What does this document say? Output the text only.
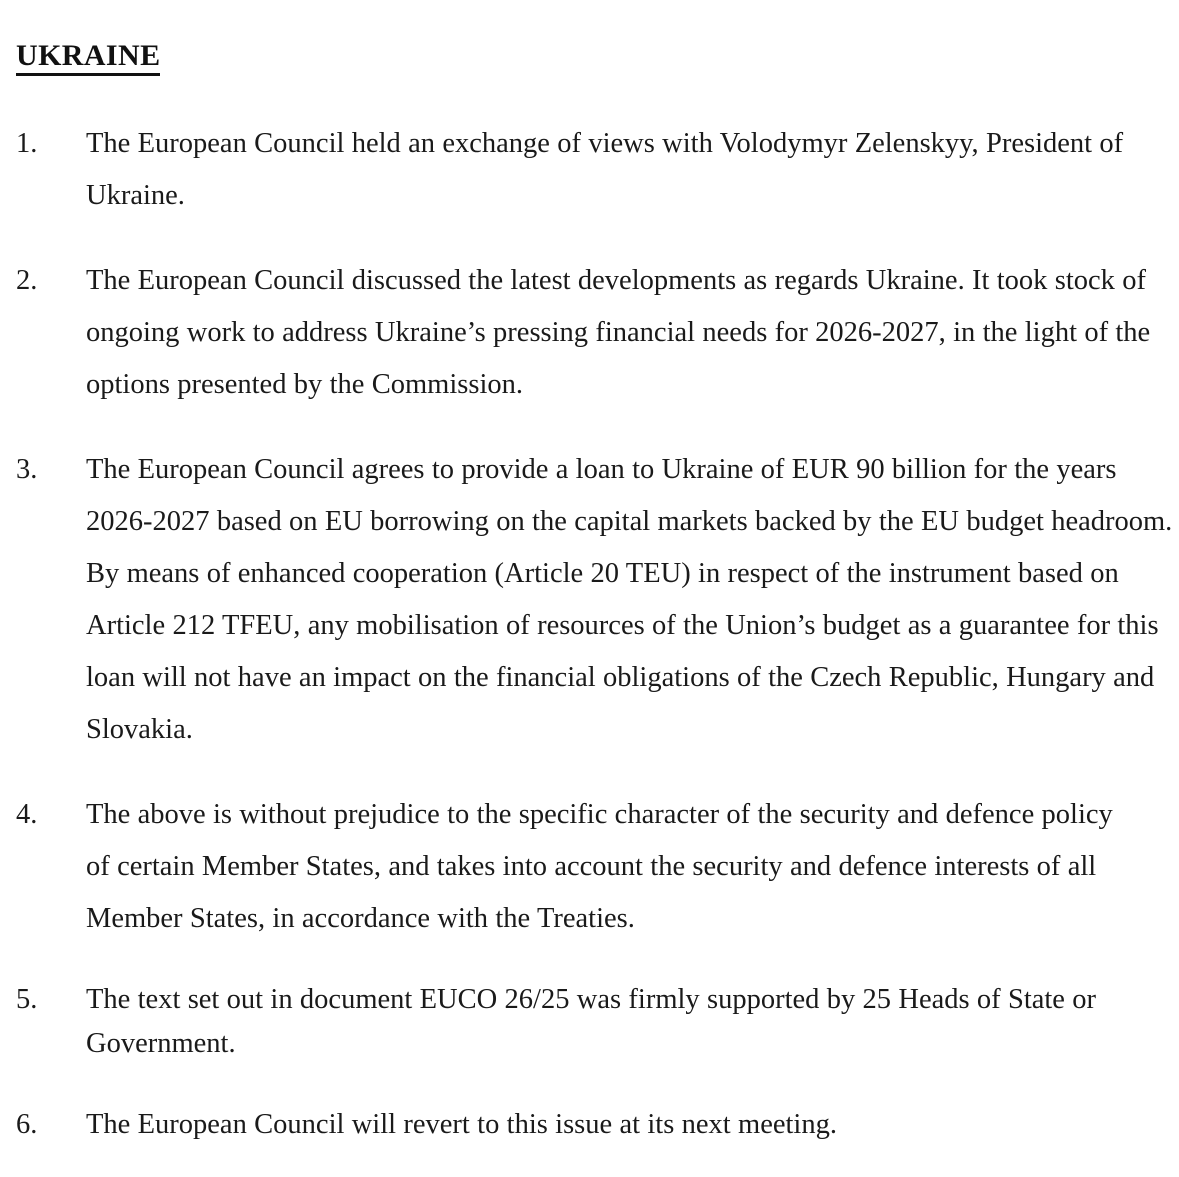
UKRAINE
1.	The European Council held an exchange of views with Volodymyr Zelenskyy, President of Ukraine.
2.	The European Council discussed the latest developments as regards Ukraine. It took stock of ongoing work to address Ukraine’s pressing financial needs for 2026-2027, in the light of the options presented by the Commission.
3.	The European Council agrees to provide a loan to Ukraine of EUR 90 billion for the years 2026-2027 based on EU borrowing on the capital markets backed by the EU budget headroom. By means of enhanced cooperation (Article 20 TEU) in respect of the instrument based on Article 212 TFEU, any mobilisation of resources of the Union’s budget as a guarantee for this loan will not have an impact on the financial obligations of the Czech Republic, Hungary and Slovakia.
4.	The above is without prejudice to the specific character of the security and defence policy of certain Member States, and takes into account the security and defence interests of all Member States, in accordance with the Treaties.
5.	The text set out in document EUCO 26/25 was firmly supported by 25 Heads of State or Government.
6.	The European Council will revert to this issue at its next meeting.
